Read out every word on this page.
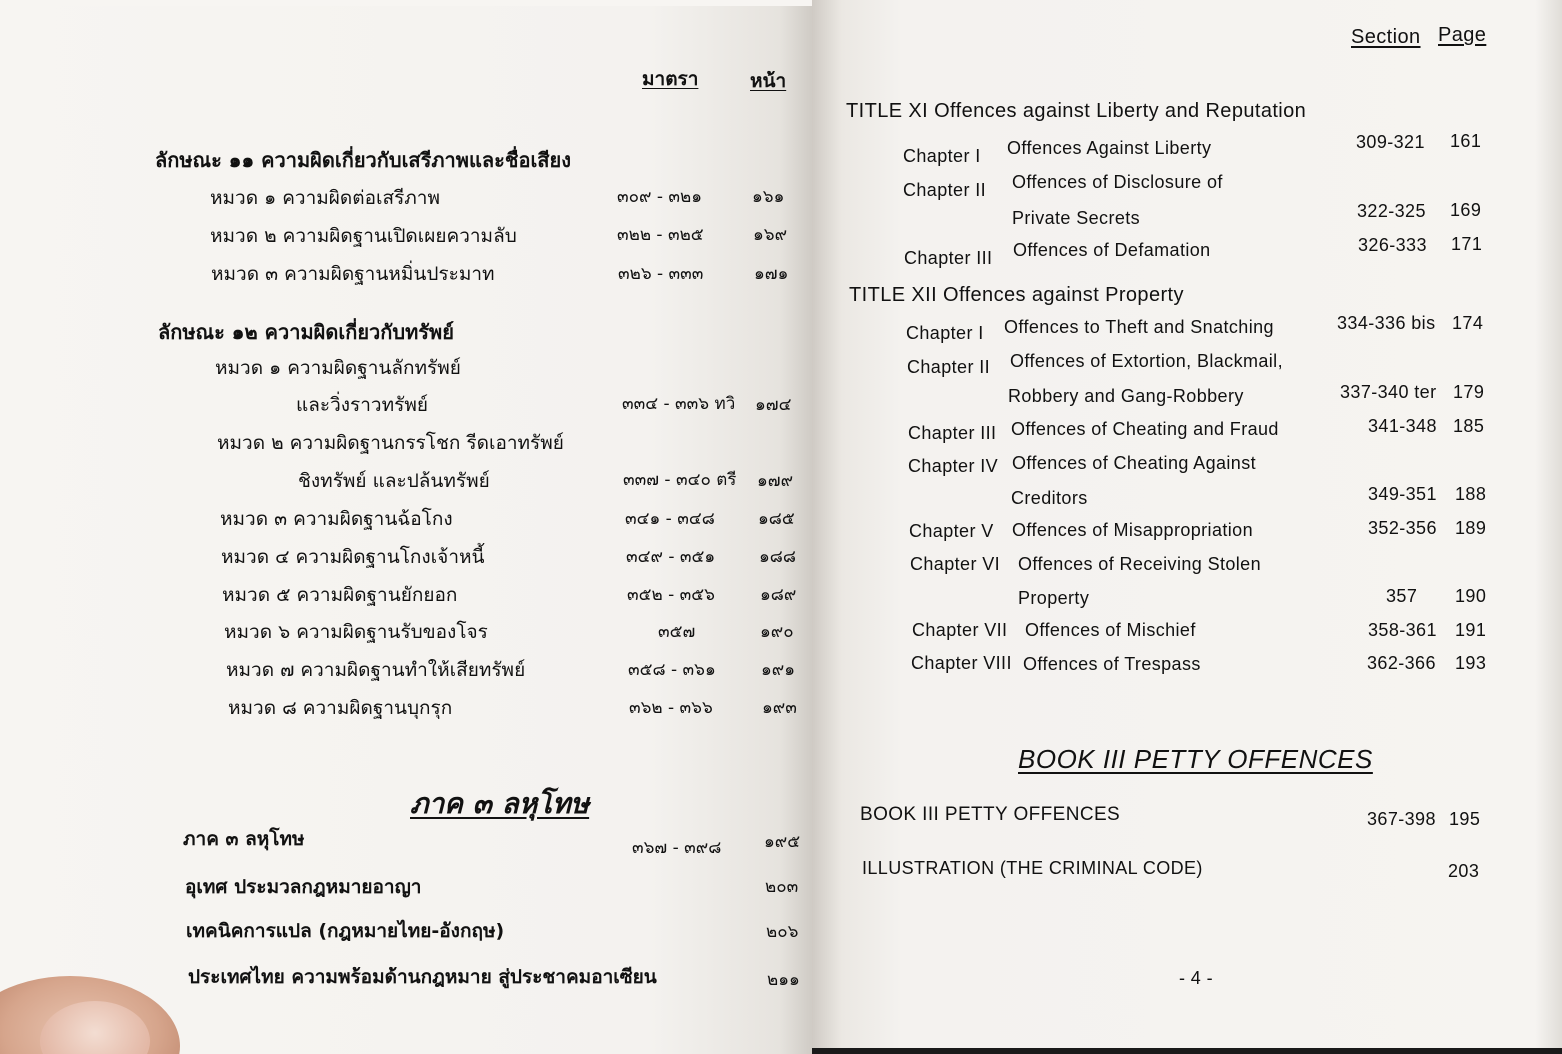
มาตรา	หน้า
ลักษณะ ๑๑ ความผิดเกี่ยวกับเสรีภาพและชื่อเสียง
หมวด ๑ ความผิดต่อเสรีภาพ	๓๐๙ - ๓๒๑	๑๖๑
หมวด ๒ ความผิดฐานเปิดเผยความลับ	๓๒๒ - ๓๒๕	๑๖๙
หมวด ๓ ความผิดฐานหมิ่นประมาท	๓๒๖ - ๓๓๓	๑๗๑
ลักษณะ ๑๒ ความผิดเกี่ยวกับทรัพย์
หมวด ๑ ความผิดฐานลักทรัพย์
และวิ่งราวทรัพย์	๓๓๔ - ๓๓๖ ทวิ ๑๗๔
หมวด ๒ ความผิดฐานกรรโชก รีดเอาทรัพย์
ชิงทรัพย์ และปล้นทรัพย์	๓๓๗ - ๓๔๐ ตรี ๑๗๙
หมวด ๓ ความผิดฐานฉ้อโกง	๓๔๑ - ๓๔๘	๑๘๕
หมวด ๔ ความผิดฐานโกงเจ้าหนี้	๓๔๙ - ๓๕๑	๑๘๘
หมวด ๕ ความผิดฐานยักยอก	๓๕๒ - ๓๕๖	๑๘๙
หมวด ๖ ความผิดฐานรับของโจร	๓๕๗	๑๙๐
หมวด ๗ ความผิดฐานทำให้เสียทรัพย์	๓๕๘ - ๓๖๑	๑๙๑
หมวด ๘ ความผิดฐานบุกรุก	๓๖๒ - ๓๖๖	๑๙๓
ภาค ๓ ลหุโทษ
ภาค ๓ ลหุโทษ	๓๖๗ - ๓๙๘	๑๙๕
อุเทศ ประมวลกฎหมายอาญา	๒๐๓
เทคนิคการแปล (กฎหมายไทย-อังกฤษ)	๒๐๖
ประเทศไทย ความพร้อมด้านกฎหมาย สู่ประชาคมอาเซียน	๒๑๑
Section Page
TITLE XI Offences against Liberty and Reputation
Chapter I Offences Against Liberty	309-321 161
Chapter II Offences of Disclosure of
Private Secrets	322-325 169
Chapter III Offences of Defamation	326-333 171
TITLE XII Offences against Property
Chapter I Offences to Theft and Snatching	334-336 bis 174
Chapter II Offences of Extortion, Blackmail,
Robbery and Gang-Robbery	337-340 ter 179
Chapter III Offences of Cheating and Fraud	341-348 185
Chapter IV Offences of Cheating Against
Creditors	349-351 188
Chapter V Offences of Misappropriation	352-356 189
Chapter VI Offences of Receiving Stolen
Property	357 190
Chapter VII Offences of Mischief	358-361 191
Chapter VIII Offences of Trespass	362-366 193
BOOK III PETTY OFFENCES
BOOK III PETTY OFFENCES	367-398 195
ILLUSTRATION (THE CRIMINAL CODE)	203
- 4 -
